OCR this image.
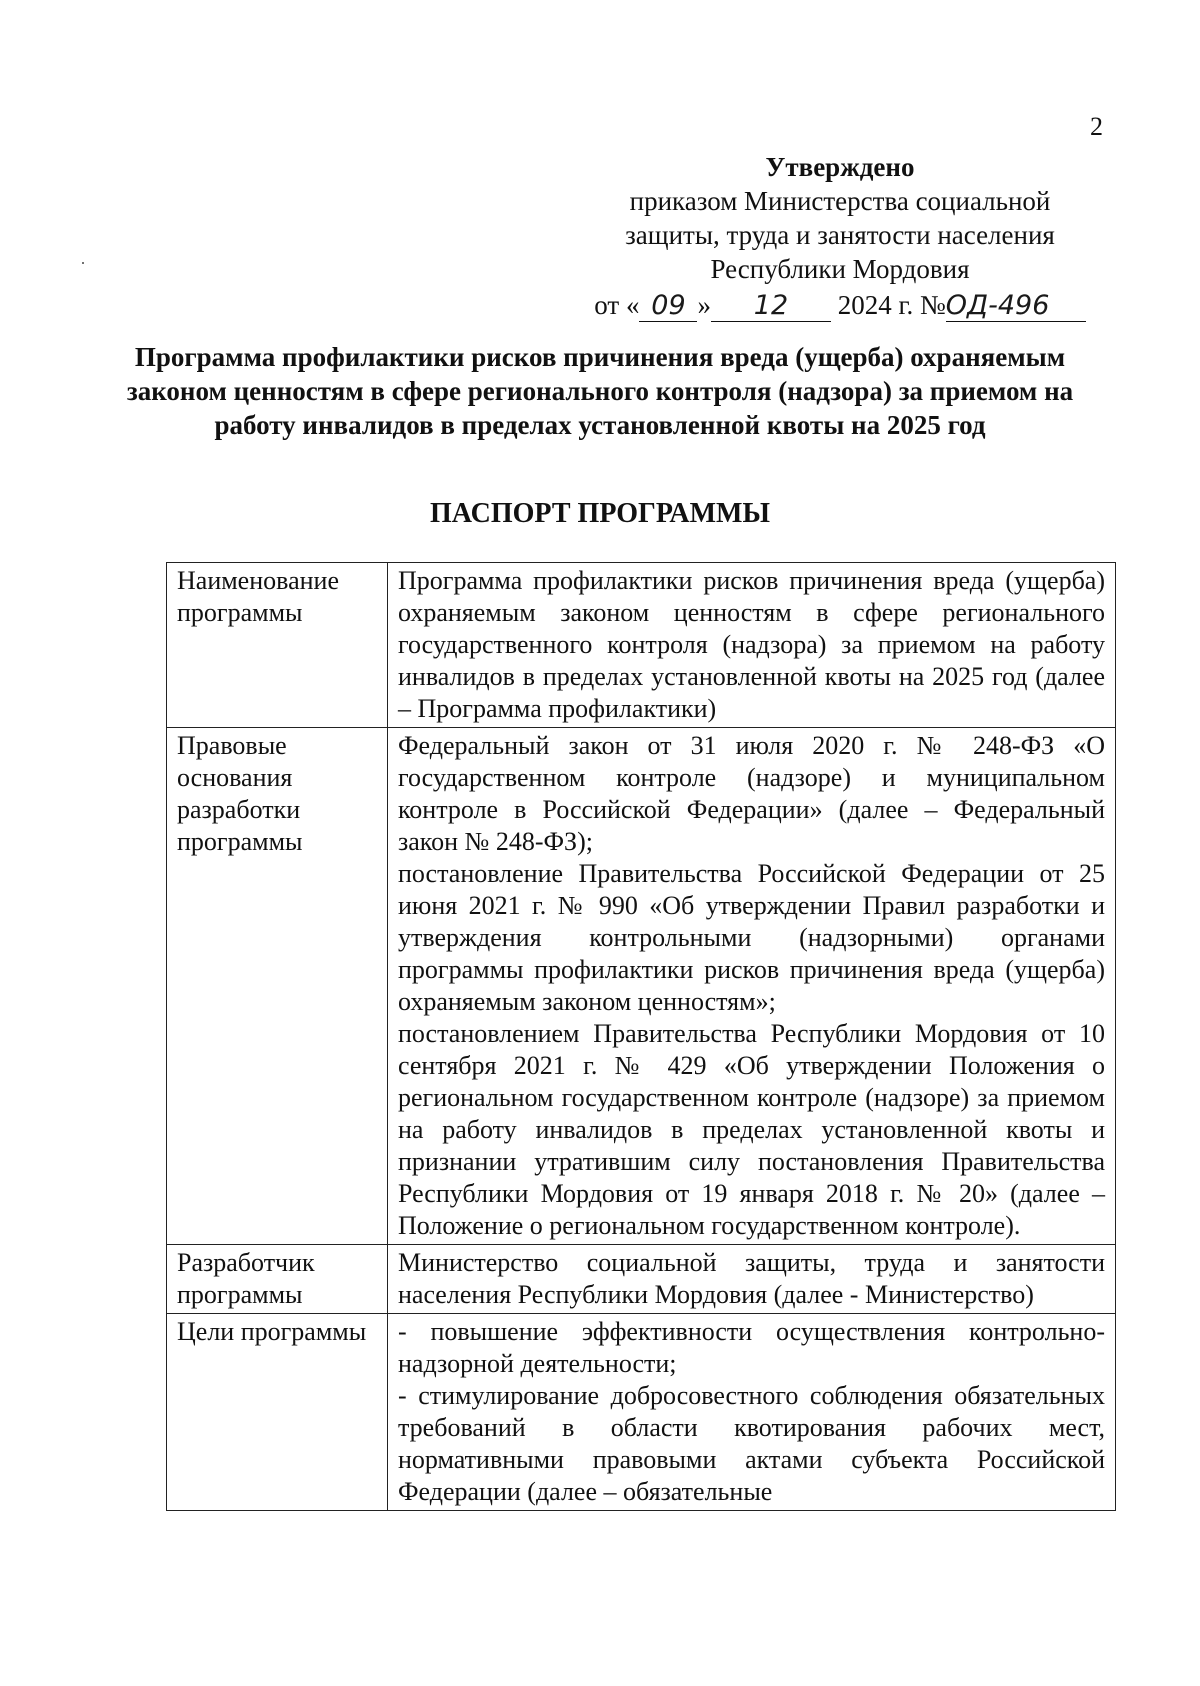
2
Утверждено
приказом Министерства социальной
защиты, труда и занятости населения
Республики Мордовия
от « 09 » 12 2024 г. №ОД-496
Программа профилактики рисков причинения вреда (ущерба) охраняемым законом ценностям в сфере регионального контроля (надзора) за приемом на работу инвалидов в пределах установленной квоты на 2025 год
ПАСПОРТ ПРОГРАММЫ
Наименование программы	Программа профилактики рисков причинения вреда (ущерба) охраняемым законом ценностям в сфере регионального государственного контроля (надзора) за приемом на работу инвалидов в пределах установленной квоты на 2025 год (далее – Программа профилактики)

Правовые основания разработки программы	Федеральный закон от 31 июля 2020 г. № 248-ФЗ «О государственном контроле (надзоре) и муниципальном контроле в Российской Федерации» (далее – Федеральный закон № 248-ФЗ);
постановление Правительства Российской Федерации от 25 июня 2021 г. № 990 «Об утверждении Правил разработки и утверждения контрольными (надзорными) органами программы профилактики рисков причинения вреда (ущерба) охраняемым законом ценностям»;
постановлением Правительства Республики Мордовия от 10 сентября 2021 г. № 429 «Об утверждении Положения о региональном государственном контроле (надзоре) за приемом на работу инвалидов в пределах установленной квоты и признании утратившим силу постановления Правительства Республики Мордовия от 19 января 2018 г. № 20» (далее – Положение о региональном государственном контроле).

Разработчик программы	Министерство социальной защиты, труда и занятости населения Республики Мордовия (далее - Министерство)

Цели программы	- повышение эффективности осуществления контрольно-надзорной деятельности;
- стимулирование добросовестного соблюдения обязательных требований в области квотирования рабочих мест, нормативными правовыми актами субъекта Российской Федерации (далее – обязательные
